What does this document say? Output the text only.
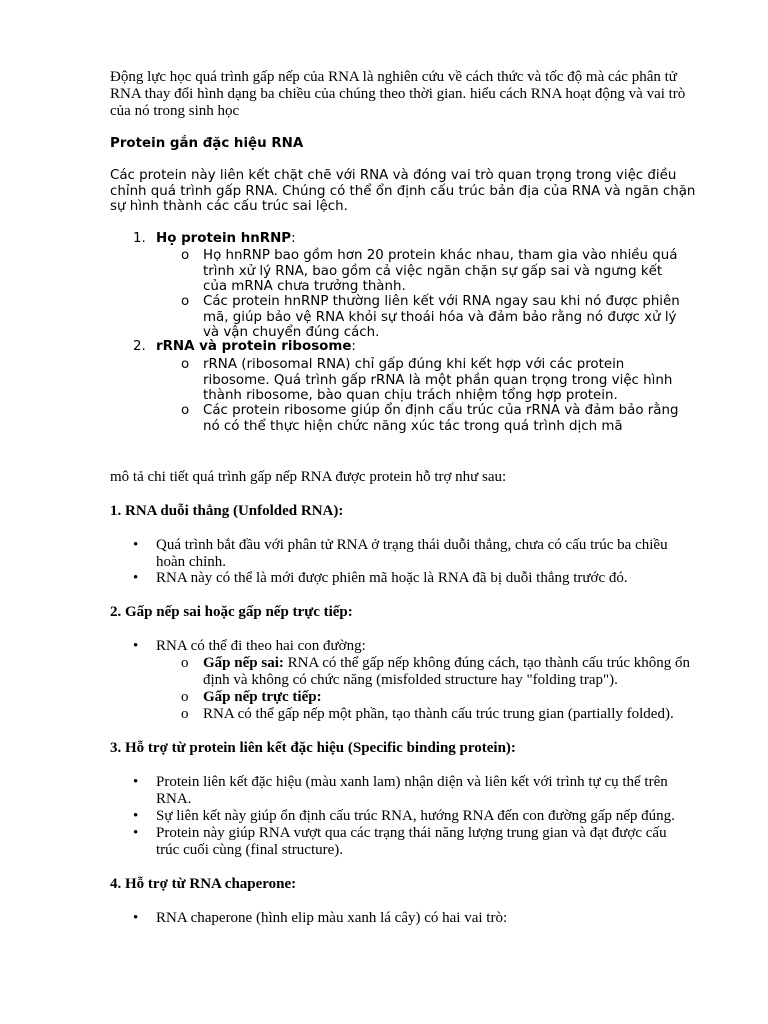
Động lực học quá trình gấp nếp của RNA là nghiên cứu về cách thức và tốc độ mà các phân tử RNA thay đổi hình dạng ba chiều của chúng theo thời gian. hiểu cách RNA hoạt động và vai trò của nó trong sinh học

Protein gắn đặc hiệu RNA

Các protein này liên kết chặt chẽ với RNA và đóng vai trò quan trọng trong việc điều chỉnh quá trình gấp RNA. Chúng có thể ổn định cấu trúc bản địa của RNA và ngăn chặn sự hình thành các cấu trúc sai lệch.

1. Họ protein hnRNP:
o Họ hnRNP bao gồm hơn 20 protein khác nhau, tham gia vào nhiều quá trình xử lý RNA, bao gồm cả việc ngăn chặn sự gấp sai và ngưng kết của mRNA chưa trưởng thành.

o Các protein hnRNP thường liên kết với RNA ngay sau khi nó được phiên mã, giúp bảo vệ RNA khỏi sự thoái hóa và đảm bảo rằng nó được xử lý và vận chuyển đúng cách.

2. rRNA và protein ribosome:
o rRNA (ribosomal RNA) chỉ gấp đúng khi kết hợp với các protein ribosome. Quá trình gấp rRNA là một phần quan trọng trong việc hình thành ribosome, bào quan chịu trách nhiệm tổng hợp protein.

o Các protein ribosome giúp ổn định cấu trúc của rRNA và đảm bảo rằng nó có thể thực hiện chức năng xúc tác trong quá trình dịch mã

mô tả chi tiết quá trình gấp nếp RNA được protein hỗ trợ như sau:

1. RNA duỗi thẳng (Unfolded RNA):

• Quá trình bắt đầu với phân tử RNA ở trạng thái duỗi thẳng, chưa có cấu trúc ba chiều hoàn chỉnh.

• RNA này có thể là mới được phiên mã hoặc là RNA đã bị duỗi thẳng trước đó.

2. Gấp nếp sai hoặc gấp nếp trực tiếp:

• RNA có thể đi theo hai con đường:

o Gấp nếp sai: RNA có thể gấp nếp không đúng cách, tạo thành cấu trúc không ổn định và không có chức năng (misfolded structure hay "folding trap").

o Gấp nếp trực tiếp:

o RNA có thể gấp nếp một phần, tạo thành cấu trúc trung gian (partially folded).

3. Hỗ trợ từ protein liên kết đặc hiệu (Specific binding protein):

• Protein liên kết đặc hiệu (màu xanh lam) nhận diện và liên kết với trình tự cụ thể trên RNA.

• Sự liên kết này giúp ổn định cấu trúc RNA, hướng RNA đến con đường gấp nếp đúng.

• Protein này giúp RNA vượt qua các trạng thái năng lượng trung gian và đạt được cấu trúc cuối cùng (final structure).

4. Hỗ trợ từ RNA chaperone:

• RNA chaperone (hình elip màu xanh lá cây) có hai vai trò:
